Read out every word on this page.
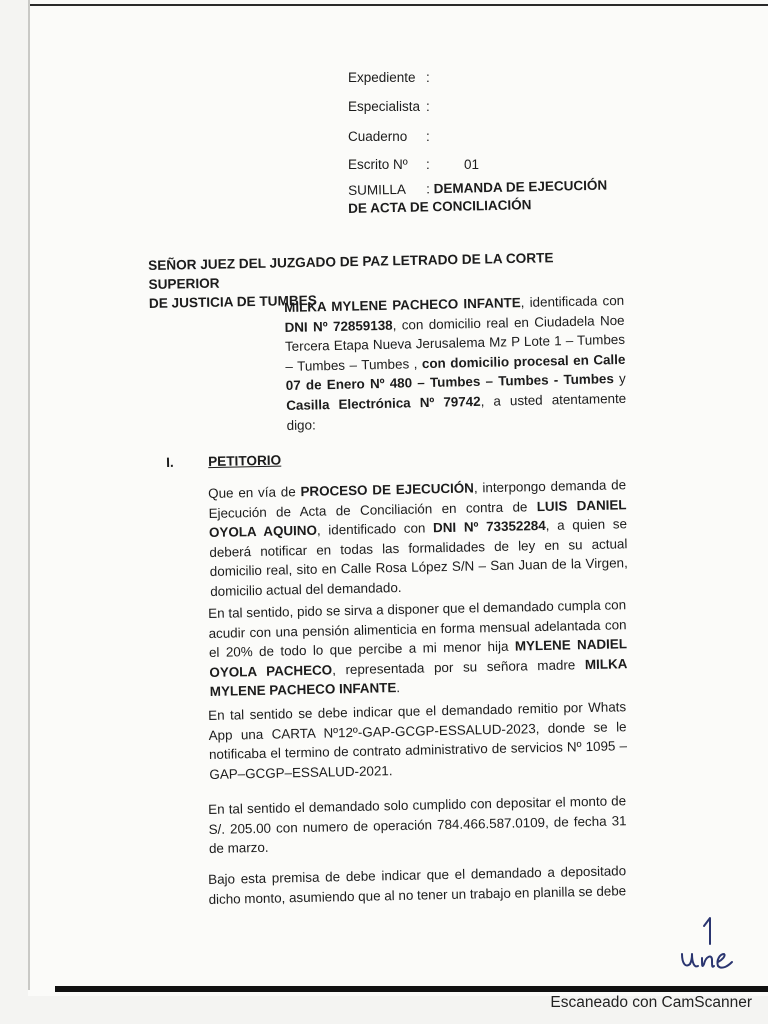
Expediente :
Especialista :
Cuaderno :
Escrito Nº :	01
SUMILLA : DEMANDA DE EJECUCIÓN
DE ACTA DE CONCILIACIÓN
SEÑOR JUEZ DEL JUZGADO DE PAZ LETRADO DE LA CORTE SUPERIOR
DE JUSTICIA DE TUMBES

MILKA MYLENE PACHECO INFANTE, identificada con DNI Nº 72859138, con domicilio real en Ciudadela Noe Tercera Etapa Nueva Jerusalema Mz P Lote 1 – Tumbes – Tumbes – Tumbes , con domicilio procesal en Calle 07 de Enero Nº 480 – Tumbes – Tumbes - Tumbes y Casilla Electrónica Nº 79742, a usted atentamente digo:

I.	PETITORIO

Que en vía de PROCESO DE EJECUCIÓN, interpongo demanda de Ejecución de Acta de Conciliación en contra de LUIS DANIEL OYOLA AQUINO, identificado con DNI Nº 73352284, a quien se deberá notificar en todas las formalidades de ley en su actual domicilio real, sito en Calle Rosa López S/N – San Juan de la Virgen, domicilio actual del demandado.

En tal sentido, pido se sirva a disponer que el demandado cumpla con acudir con una pensión alimenticia en forma mensual adelantada con el 20% de todo lo que percibe a mi menor hija MYLENE NADIEL OYOLA PACHECO, representada por su señora madre MILKA MYLENE PACHECO INFANTE.

En tal sentido se debe indicar que el demandado remitio por Whats App una CARTA Nº12º-GAP-GCGP-ESSALUD-2023, donde se le notificaba el termino de contrato administrativo de servicios Nº 1095 –GAP–GCGP–ESSALUD-2021.

En tal sentido el demandado solo cumplido con depositar el monto de S/. 205.00 con numero de operación 784.466.587.0109, de fecha 31 de marzo.

Bajo esta premisa de debe indicar que el demandado a depositado dicho monto, asumiendo que al no tener un trabajo en planilla se debe

Escaneado con CamScanner
